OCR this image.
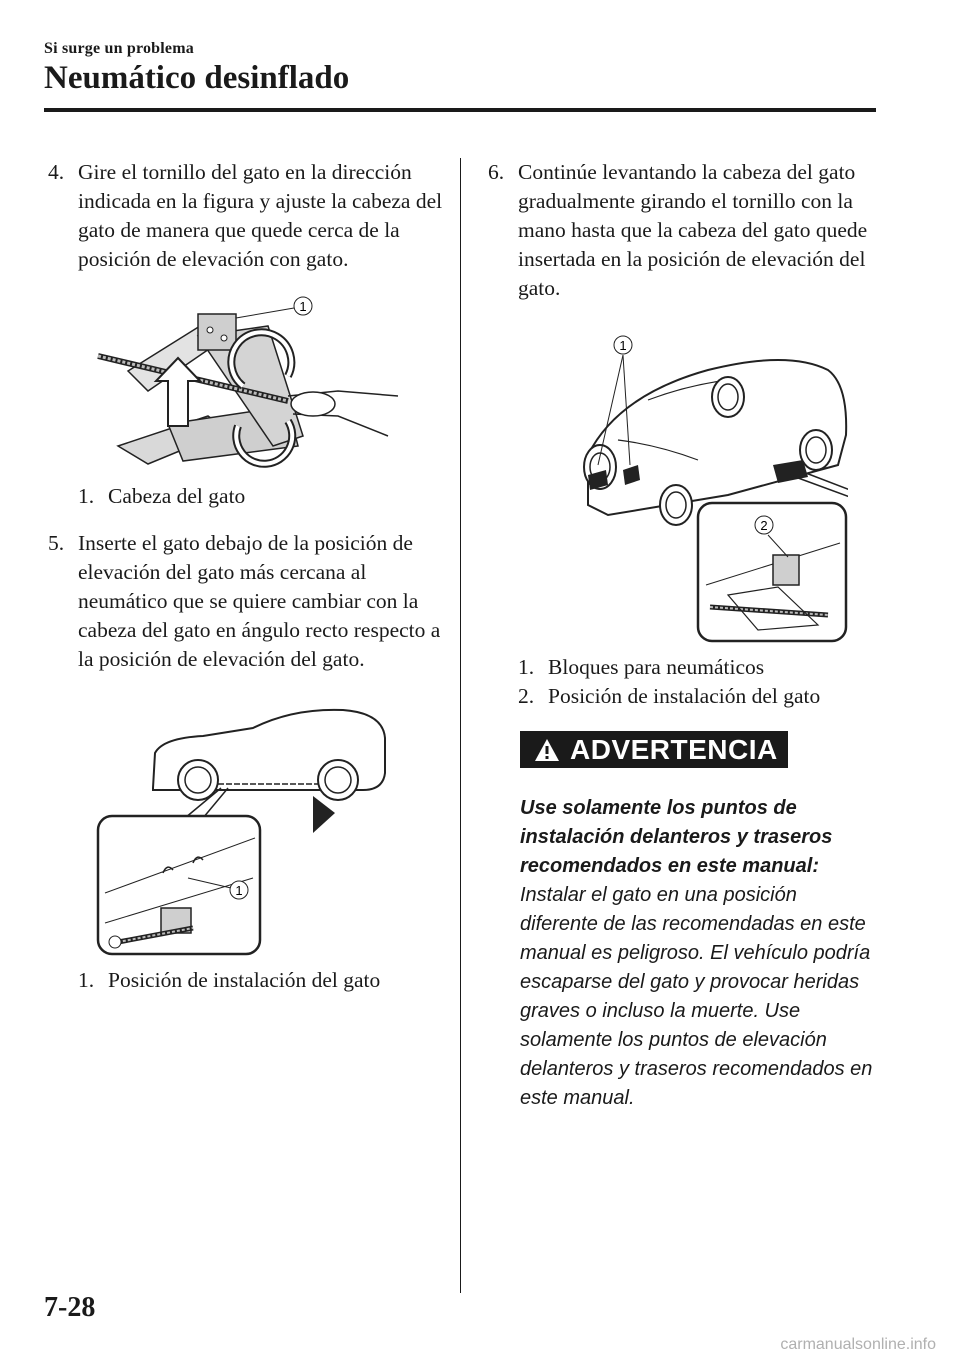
Si surge un problema
Neumático desinflado
4. Gire el tornillo del gato en la dirección indicada en la figura y ajuste la cabeza del gato de manera que quede cerca de la posición de elevación con gato.
1
1. Cabeza del gato
5. Inserte el gato debajo de la posición de elevación del gato más cercana al neumático que se quiere cambiar con la cabeza del gato en ángulo recto respecto a la posición de elevación del gato.
1
1. Posición de instalación del gato
6. Continúe levantando la cabeza del gato gradualmente girando el tornillo con la mano hasta que la cabeza del gato quede insertada en la posición de elevación del gato.
1
2
1. Bloques para neumáticos
2. Posición de instalación del gato
ADVERTENCIA
Use solamente los puntos de instalación delanteros y traseros recomendados en este manual:
Instalar el gato en una posición diferente de las recomendadas en este manual es peligroso. El vehículo podría escaparse del gato y provocar heridas graves o incluso la muerte. Use solamente los puntos de elevación delanteros y traseros recomendados en este manual.
7-28
carmanualsonline.info
